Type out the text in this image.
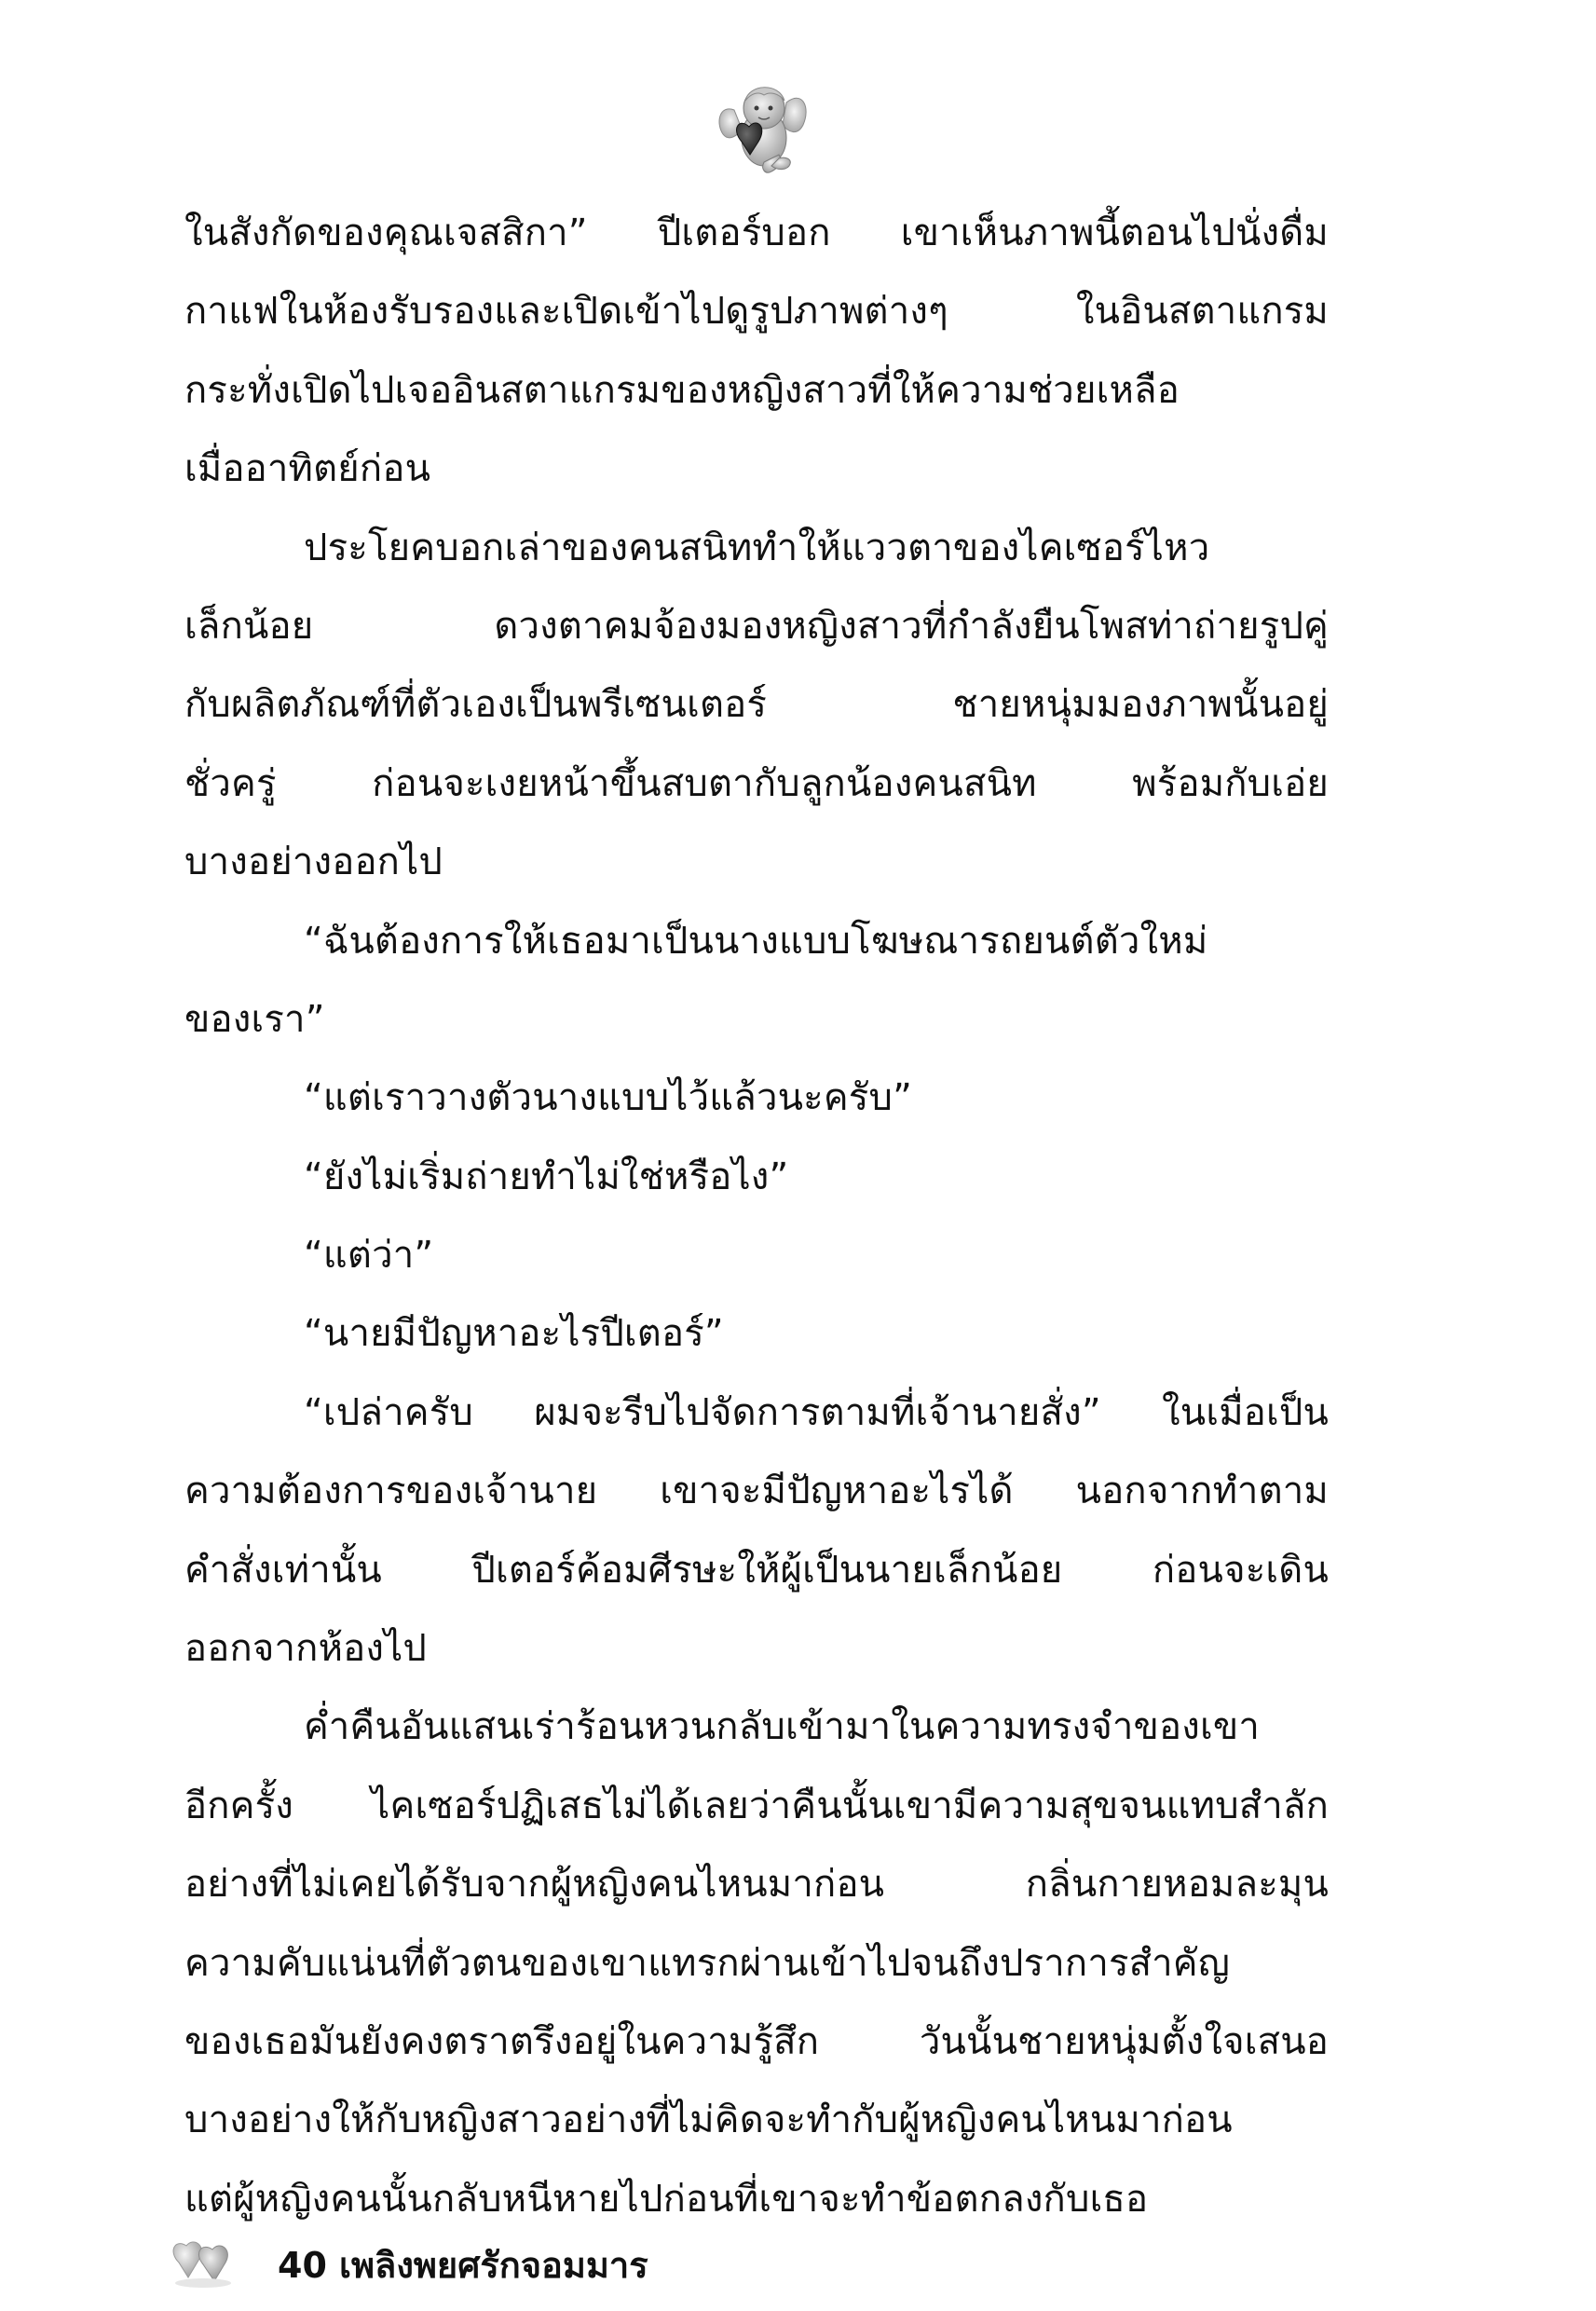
ในสังกัดของคุณเจสสิกา” ปีเตอร์บอก เขาเห็นภาพนี้ตอนไปนั่งดื่ม
กาแฟในห้องรับรองและเปิดเข้าไปดูรูปภาพต่างๆ ในอินสตาแกรม
กระทั่งเปิดไปเจออินสตาแกรมของหญิงสาวที่ให้ความช่วยเหลือ
เมื่ออาทิตย์ก่อน
ประโยคบอกเล่าของคนสนิททำให้แววตาของไคเซอร์ไหว
เล็กน้อย ดวงตาคมจ้องมองหญิงสาวที่กำลังยืนโพสท่าถ่ายรูปคู่
กับผลิตภัณฑ์ที่ตัวเองเป็นพรีเซนเตอร์ ชายหนุ่มมองภาพนั้นอยู่
ชั่วครู่ ก่อนจะเงยหน้าขึ้นสบตากับลูกน้องคนสนิท พร้อมกับเอ่ย
บางอย่างออกไป
“ฉันต้องการให้เธอมาเป็นนางแบบโฆษณารถยนต์ตัวใหม่
ของเรา”
“แต่เราวางตัวนางแบบไว้แล้วนะครับ”
“ยังไม่เริ่มถ่ายทำไม่ใช่หรือไง”
“แต่ว่า”
“นายมีปัญหาอะไรปีเตอร์”
“เปล่าครับ ผมจะรีบไปจัดการตามที่เจ้านายสั่ง” ในเมื่อเป็น
ความต้องการของเจ้านาย เขาจะมีปัญหาอะไรได้ นอกจากทำตาม
คำสั่งเท่านั้น ปีเตอร์ค้อมศีรษะให้ผู้เป็นนายเล็กน้อย ก่อนจะเดิน
ออกจากห้องไป
ค่ำคืนอันแสนเร่าร้อนหวนกลับเข้ามาในความทรงจำของเขา
อีกครั้ง ไคเซอร์ปฏิเสธไม่ได้เลยว่าคืนนั้นเขามีความสุขจนแทบสำลัก
อย่างที่ไม่เคยได้รับจากผู้หญิงคนไหนมาก่อน กลิ่นกายหอมละมุน
ความคับแน่นที่ตัวตนของเขาแทรกผ่านเข้าไปจนถึงปราการสำคัญ
ของเธอมันยังคงตราตรึงอยู่ในความรู้สึก วันนั้นชายหนุ่มตั้งใจเสนอ
บางอย่างให้กับหญิงสาวอย่างที่ไม่คิดจะทำกับผู้หญิงคนไหนมาก่อน
แต่ผู้หญิงคนนั้นกลับหนีหายไปก่อนที่เขาจะทำข้อตกลงกับเธอ
40 เพลิงพยศรักจอมมาร
